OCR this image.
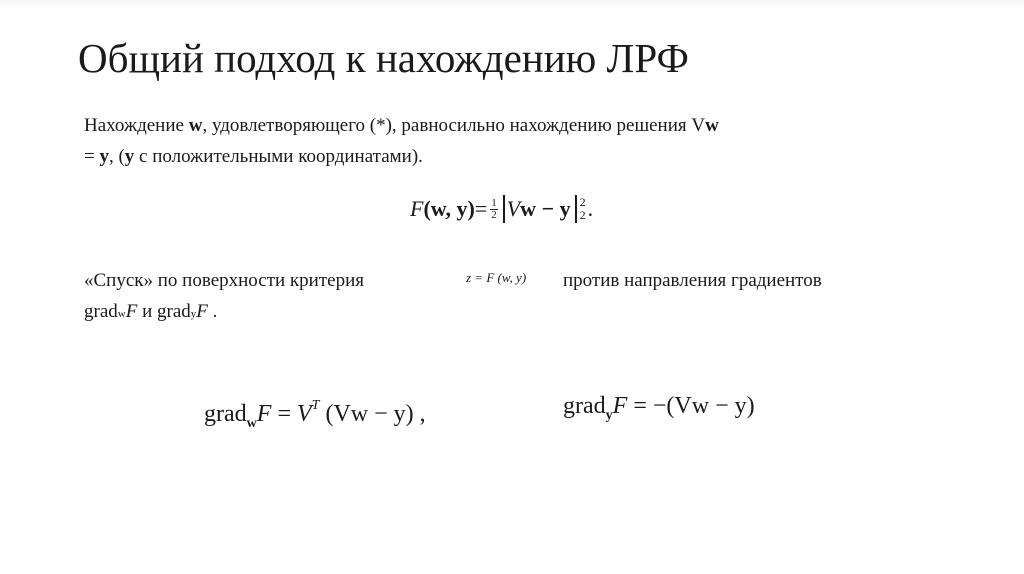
Общий подход к нахождению ЛРФ
Нахождение w, удовлетворяющего (*), равносильно нахождению решения Vw
= y, (y с положительными координатами).
F (w, $y) = \frac{1}{2}$ Vw − y 2
2 .
«Спуск» по поверхности критерия	z = F (w, y)	против направления градиентов
gradwF и gradyF .
grad$_w$F = $V^T$ (Vw − y) ,	grad$_y$F = −(Vw − y)
